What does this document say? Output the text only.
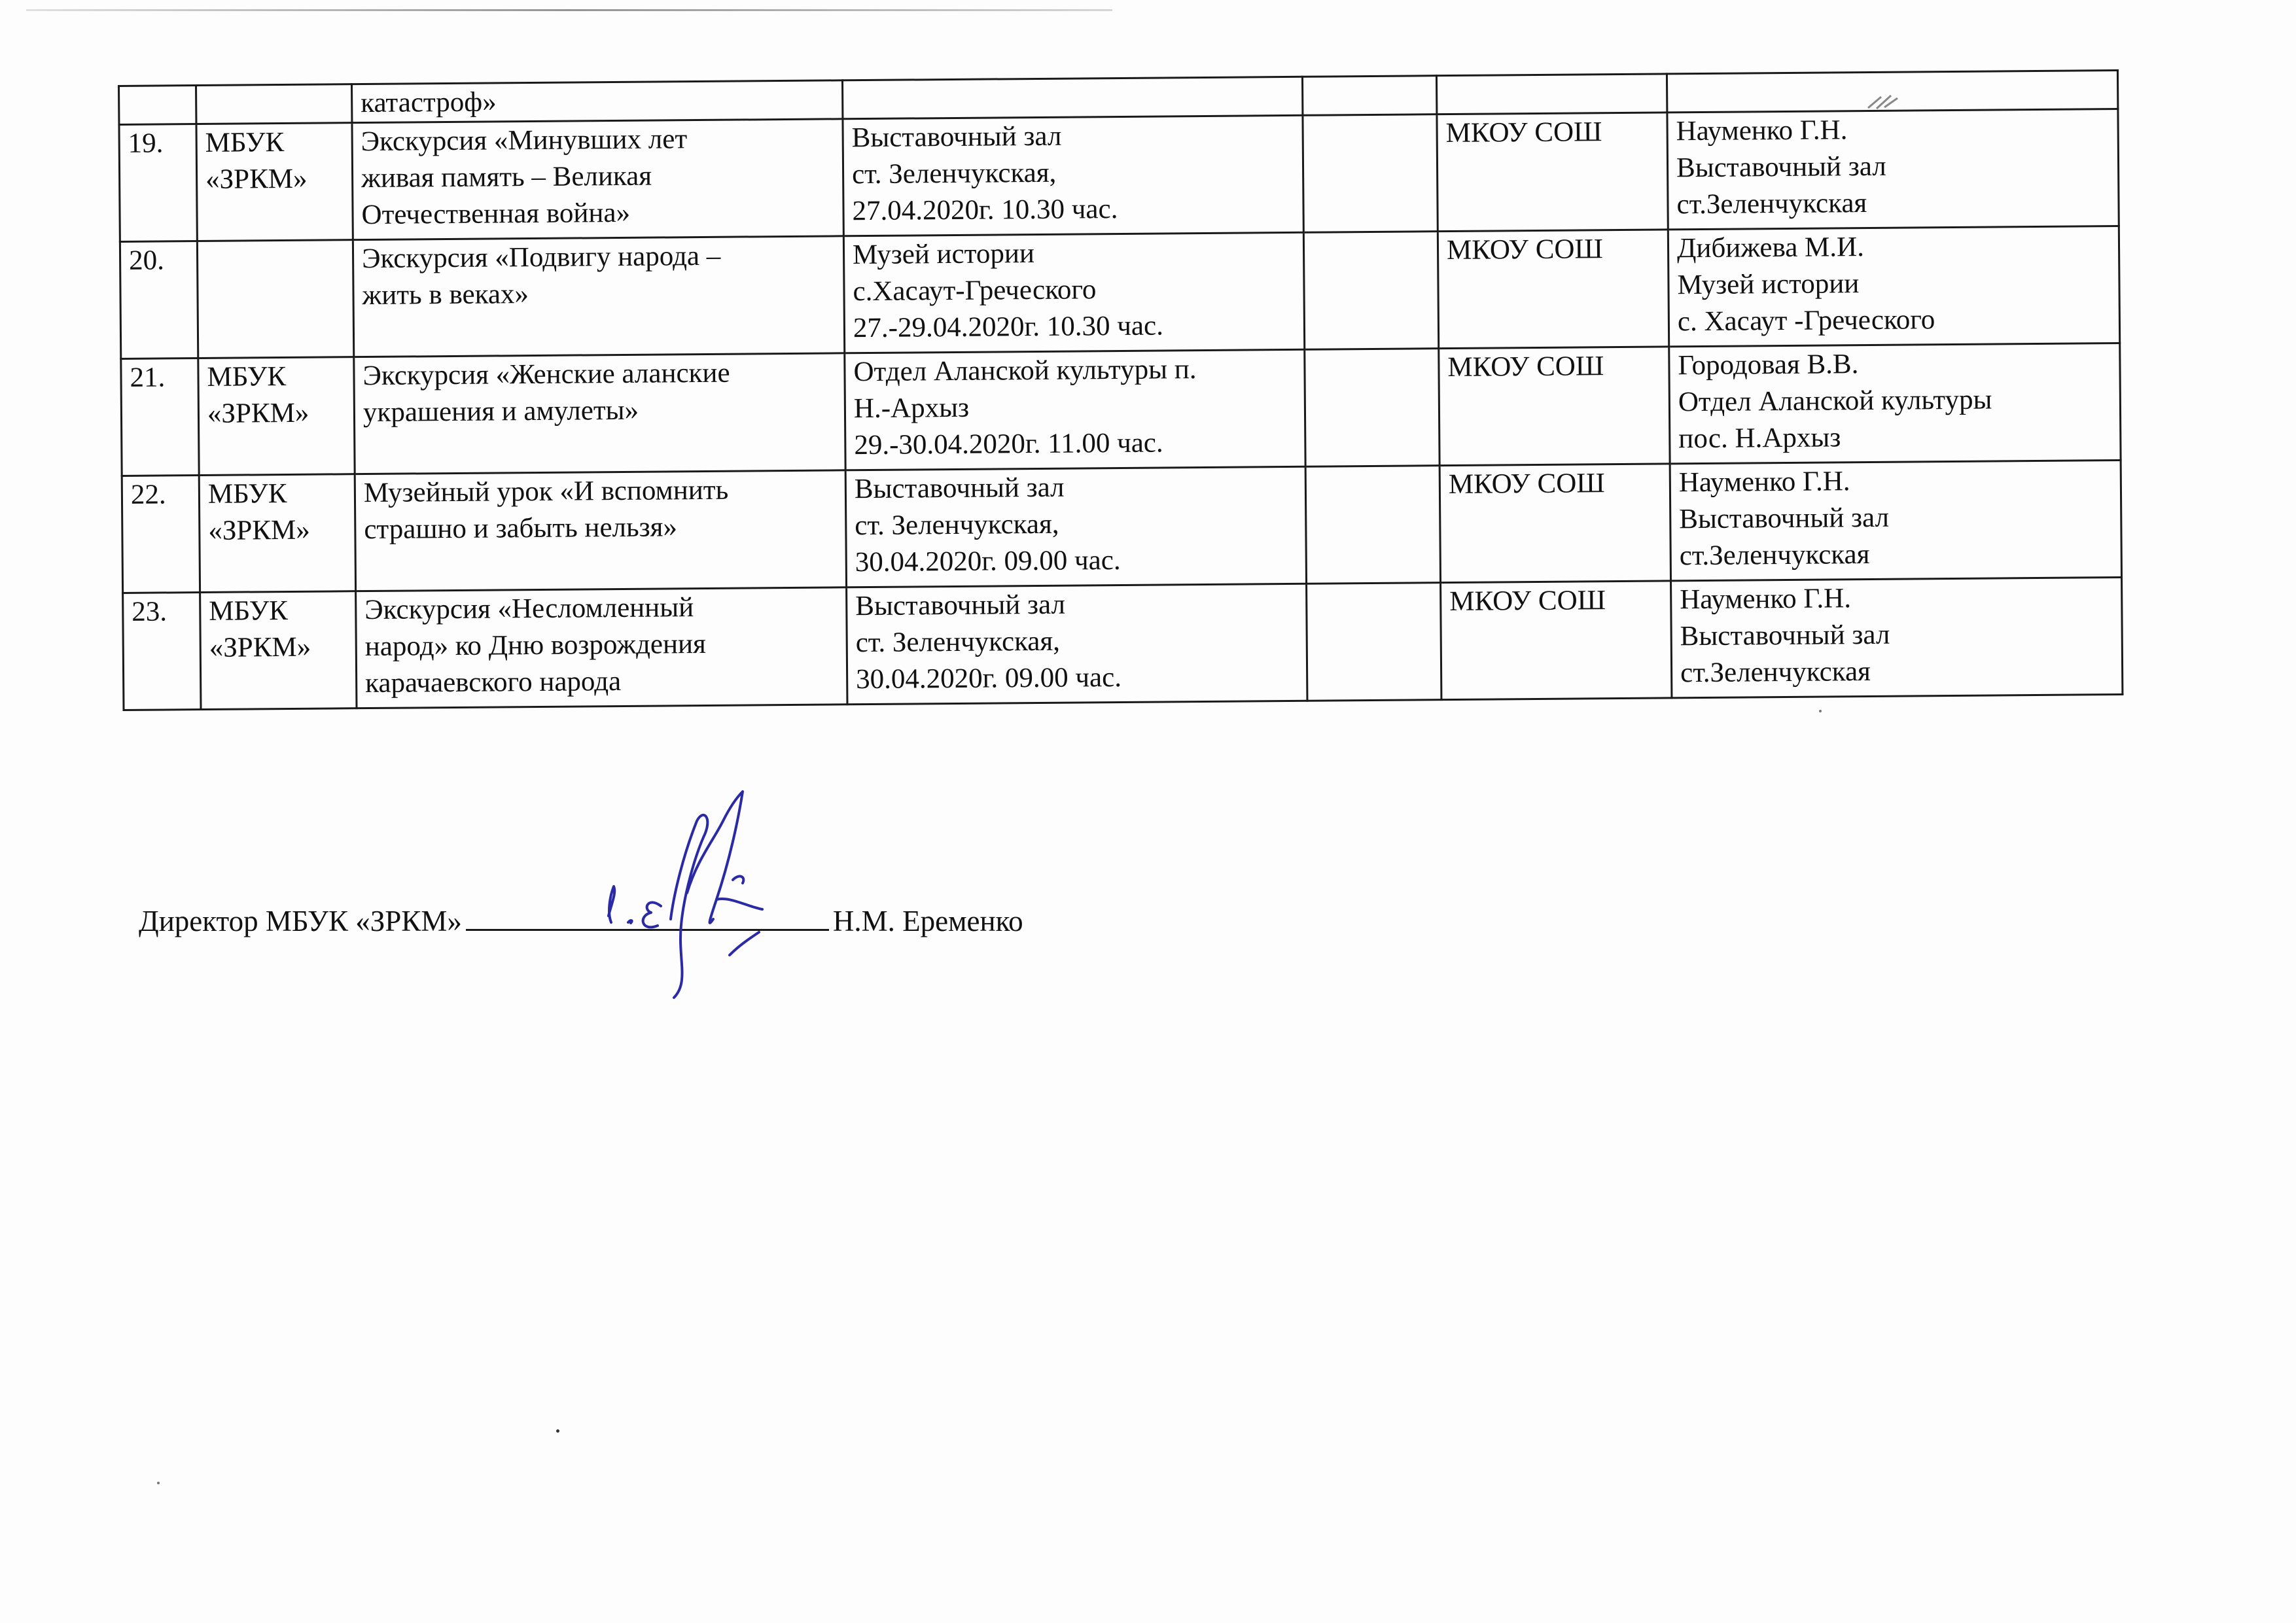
		катастроф»				
19.	МБУК
«ЗРКМ»	Экскурсия «Минувших лет
живая память – Великая
Отечественная война»	Выставочный зал
ст. Зеленчукская,
27.04.2020г. 10.30 час.		МКОУ СОШ	Науменко Г.Н.
Выставочный зал
ст.Зеленчукская
20.		Экскурсия «Подвигу народа –
жить в веках»	Музей истории
с.Хасаут-Греческого
27.-29.04.2020г. 10.30 час.		МКОУ СОШ	Дибижева М.И.
Музей истории
с. Хасаут -Греческого
21.	МБУК
«ЗРКМ»	Экскурсия «Женские аланские
украшения и амулеты»	Отдел Аланской культуры п.
Н.-Архыз
29.-30.04.2020г. 11.00 час.		МКОУ СОШ	Городовая В.В.
Отдел Аланской культуры
пос. Н.Архыз
22.	МБУК
«ЗРКМ»	Музейный урок «И вспомнить
страшно и забыть нельзя»	Выставочный зал
ст. Зеленчукская,
30.04.2020г. 09.00 час.		МКОУ СОШ	Науменко Г.Н.
Выставочный зал
ст.Зеленчукская
23.	МБУК
«ЗРКМ»	Экскурсия «Несломленный
народ» ко Дню возрождения
карачаевского народа	Выставочный зал
ст. Зеленчукская,
30.04.2020г. 09.00 час.		МКОУ СОШ	Науменко Г.Н.
Выставочный зал
ст.Зеленчукская
Директор МБУК «ЗРКМ»	Н.М. Еременко
